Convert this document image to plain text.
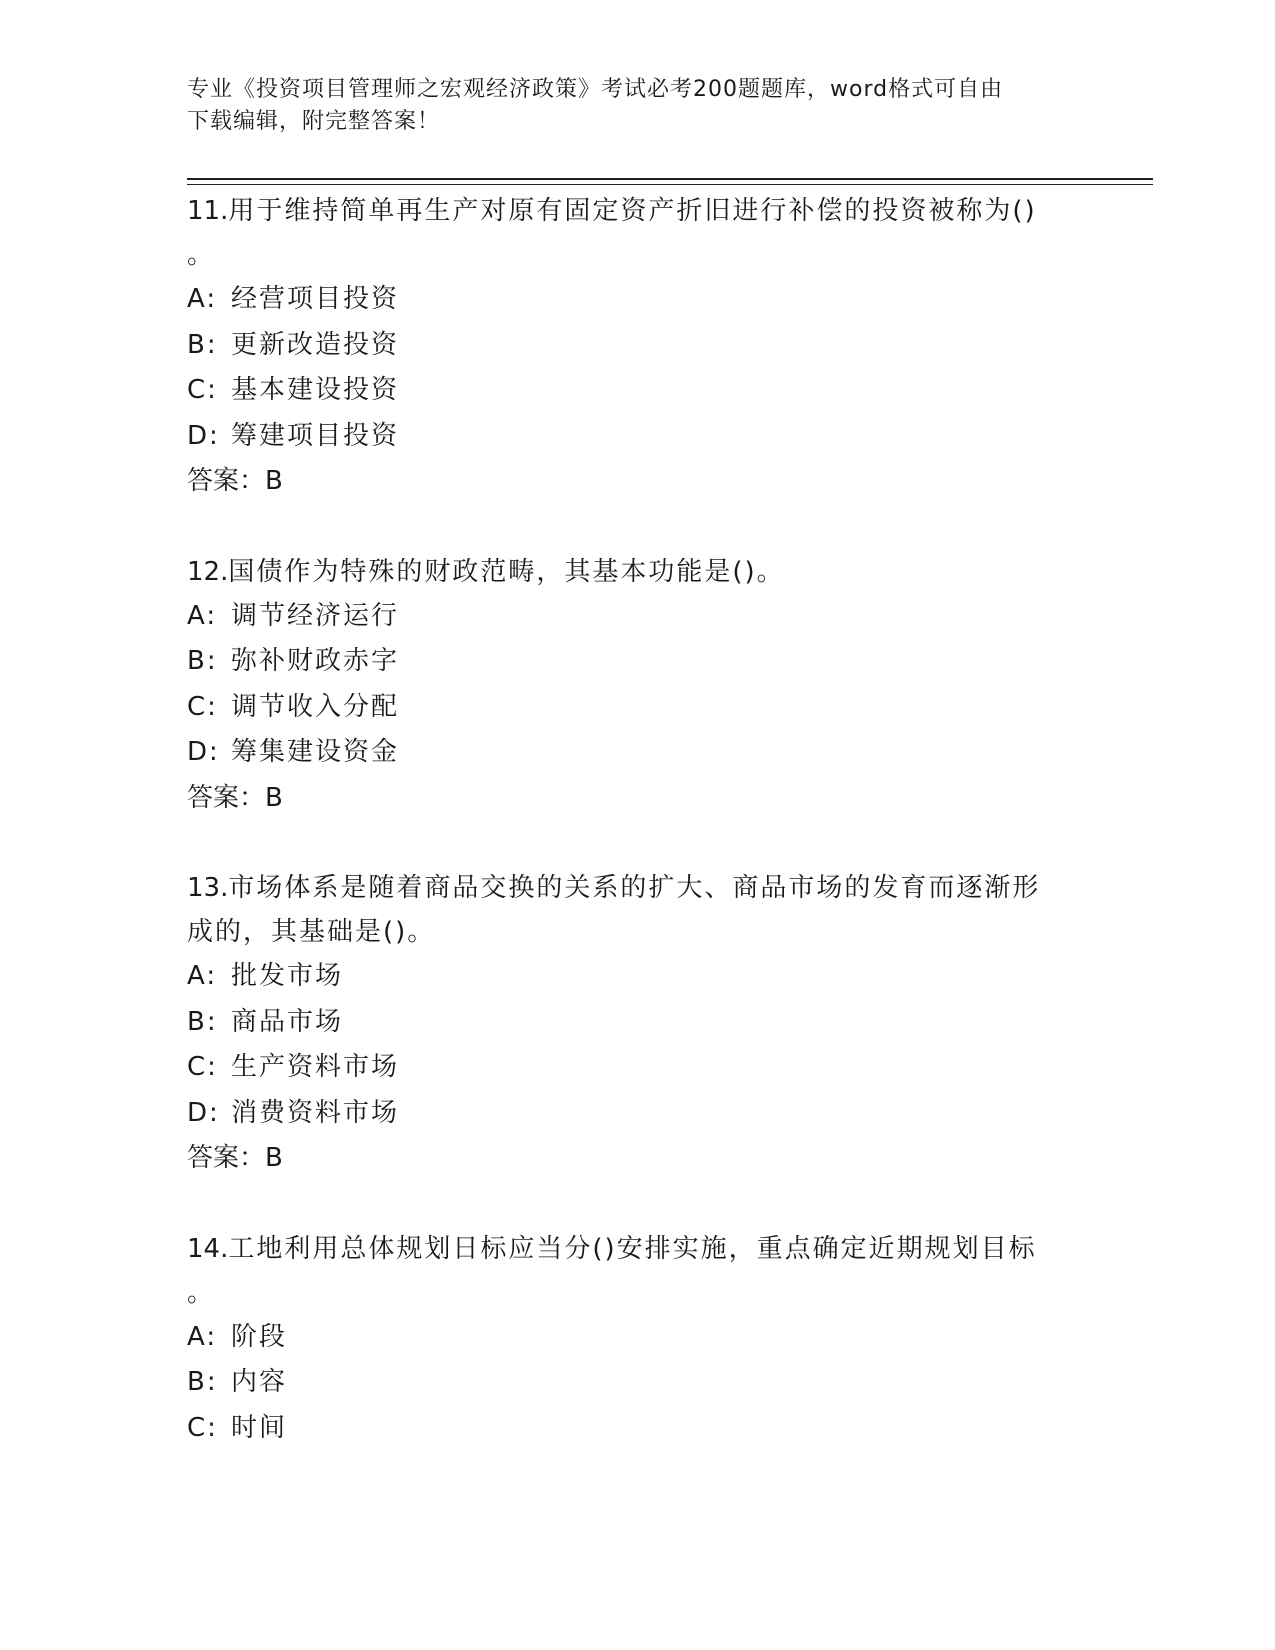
专业《投资项目管理师之宏观经济政策》考试必考200题题库，word格式可自由
下载编辑，附完整答案！

11.用于维持简单再生产对原有固定资产折旧进行补偿的投资被称为()

。

A: 经营项目投资

B: 更新改造投资

C: 基本建设投资

D: 筹建项目投资

答案：B

12.国债作为特殊的财政范畴，其基本功能是()。

A: 调节经济运行

B: 弥补财政赤字

C: 调节收入分配

D: 筹集建设资金

答案：B

13.市场体系是随着商品交换的关系的扩大、商品市场的发育而逐渐形

成的，其基础是()。

A: 批发市场

B: 商品市场

C: 生产资料市场

D: 消费资料市场

答案：B

14.工地利用总体规划日标应当分()安排实施，重点确定近期规划目标

。

A: 阶段

B: 内容

C: 时间
